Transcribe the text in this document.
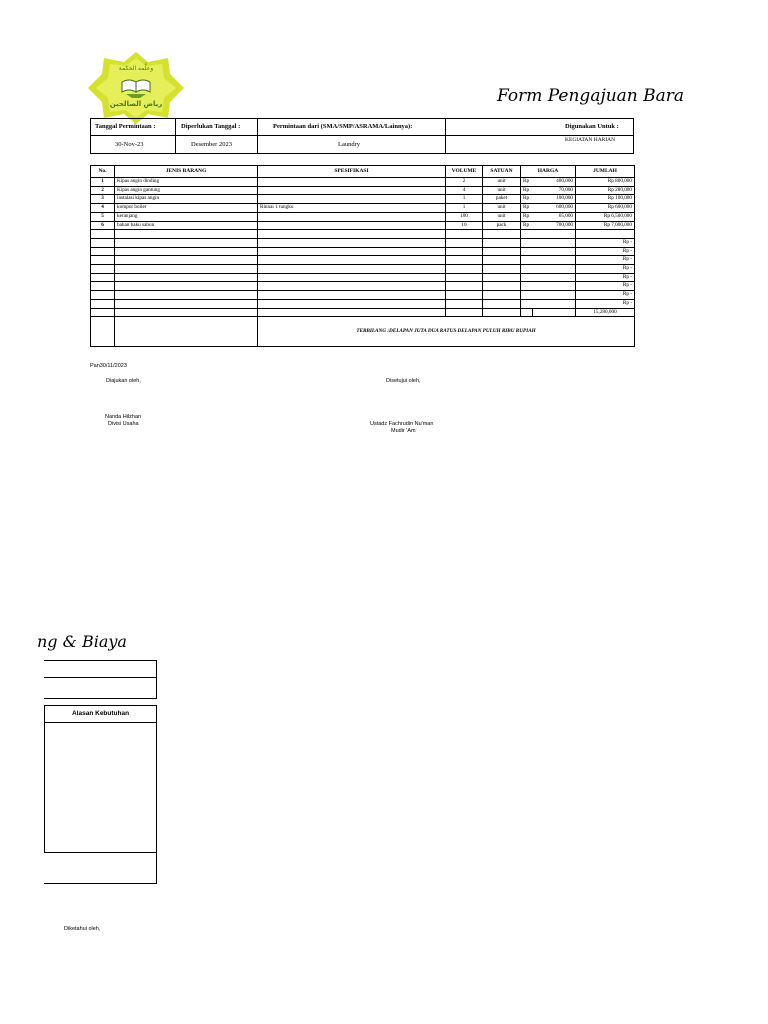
وعلَّمه الحكمة
رياض الصالحين	Form Pengajuan Bara
Tanggal Permintaan :	Diperlukan Tanggal :	Permintaan dari (SMA/SMP/ASRAMA/Lainnya):	Digunakan Untuk :
30-Nov-23	Desember 2023	Laundry
KEGIATAN HARIAN
No.	JENIS BARANG	SPESIFIKASI	VOLUME	SATUAN	HARGA		JUMLAH
1	Kipas angin dinding		2	unit	Rp	400,000	Rp 800,000
2	Kipas angin gantung		4	unit	Rp	70,000	Rp 280,000
3	instalasi kipas angin		1	paket	Rp	100,000	Rp 100,000
4	kompor boiler	Rinnai 1 tungku	1	unit	Rp	600,000	Rp 600,000
5	keranjang		100	unit	Rp	65,000	Rp 6,500,000
6	bahan baku sabun		10	pack	Rp	700,000	Rp 7,000,000

							Rp -
							Rp -
							Rp -
							Rp -
							Rp -
							Rp -
							Rp -
							Rp -
							15,280,000
		TERBILANG :DELAPAN JUTA DUA RATUS DELAPAN PULUH RIBU RUPIAH					
Pan30/11/2023
Diajukan oleh,	Disetujui oleh,
Nanda Hilzhan
Divisi Usaha	Ustadz Fachrudin Nu'man
Mudir 'Am
ng & Biaya
Alasan Kebutuhan
Diketahui oleh,
